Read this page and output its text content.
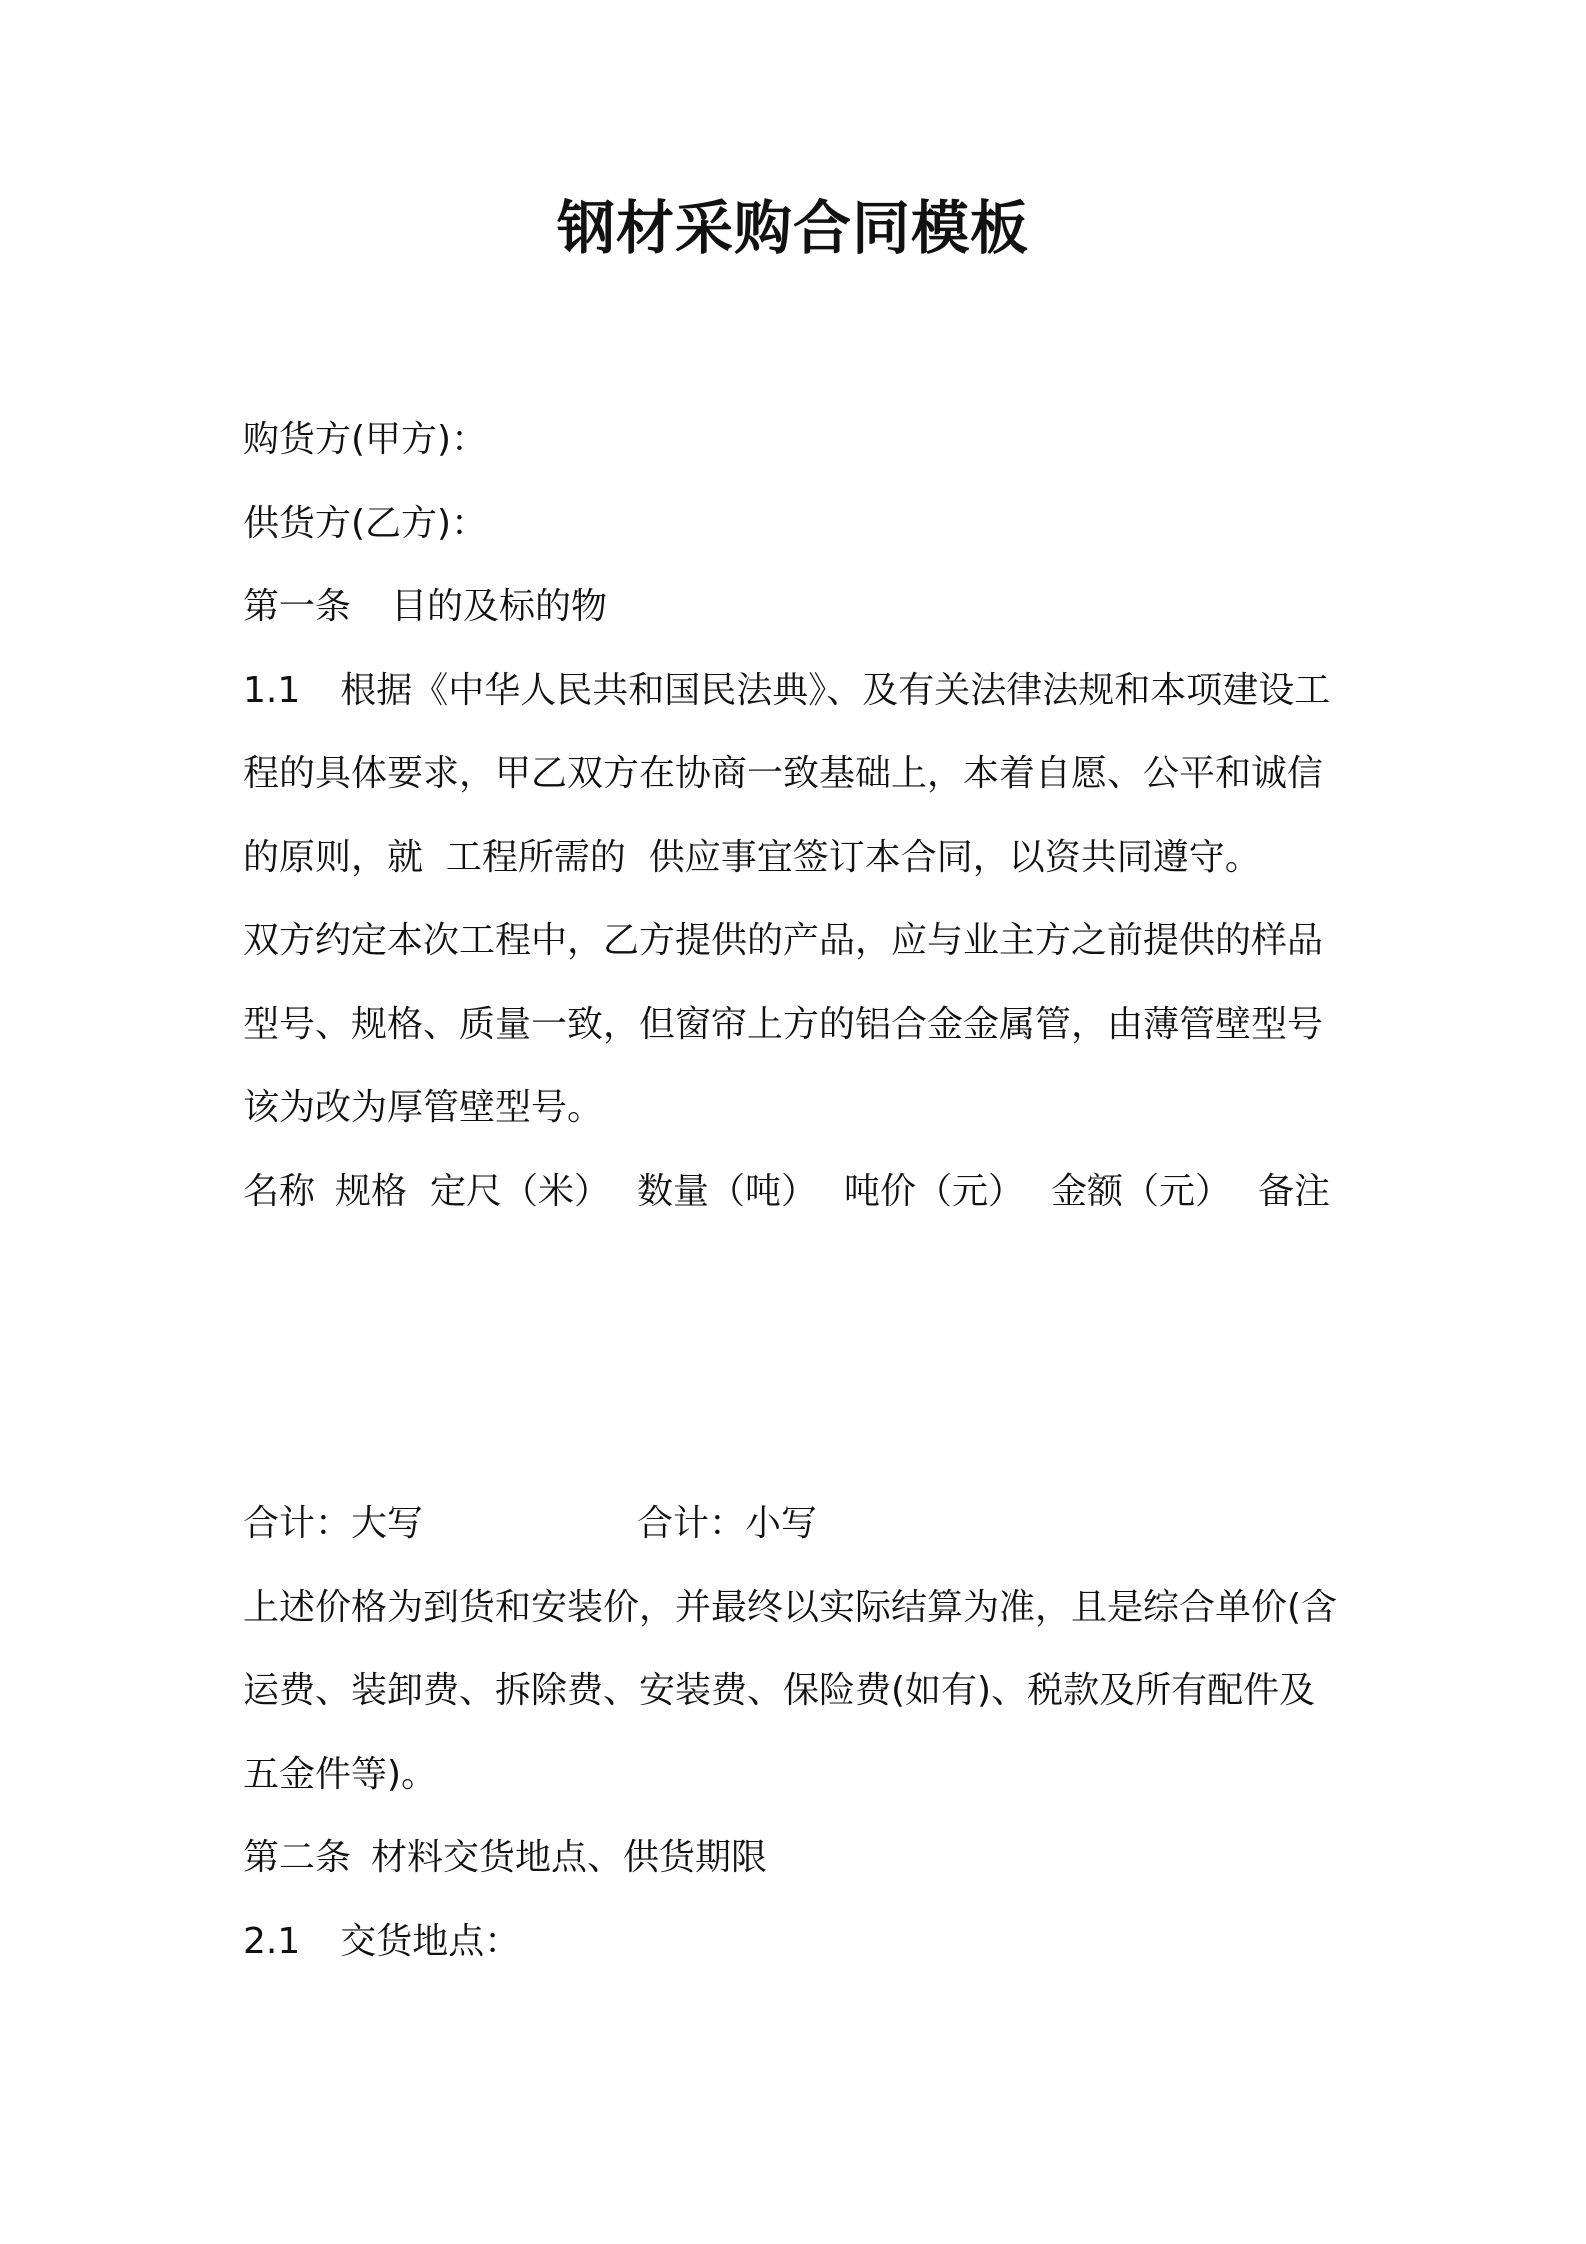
钢材采购合同模板
购货方(甲方)：
供货方(乙方)：
第一条 目的及标的物
1.1 根据《中华人民共和国民法典》、及有关法律法规和本项建设工
程的具体要求，甲乙双方在协商一致基础上，本着自愿、公平和诚信
的原则，就  工程所需的  供应事宜签订本合同，以资共同遵守。
双方约定本次工程中，乙方提供的产品，应与业主方之前提供的样品
型号、规格、质量一致，但窗帘上方的铝合金金属管，由薄管壁型号
该为改为厚管壁型号。
名称 规格 定尺（米） 数量（吨） 吨价（元） 金额（元） 备注
合计：大写	合计：小写
上述价格为到货和安装价，并最终以实际结算为准，且是综合单价(含
运费、装卸费、拆除费、安装费、保险费(如有)、税款及所有配件及
五金件等)。
第二条 材料交货地点、供货期限
2.1 交货地点：
